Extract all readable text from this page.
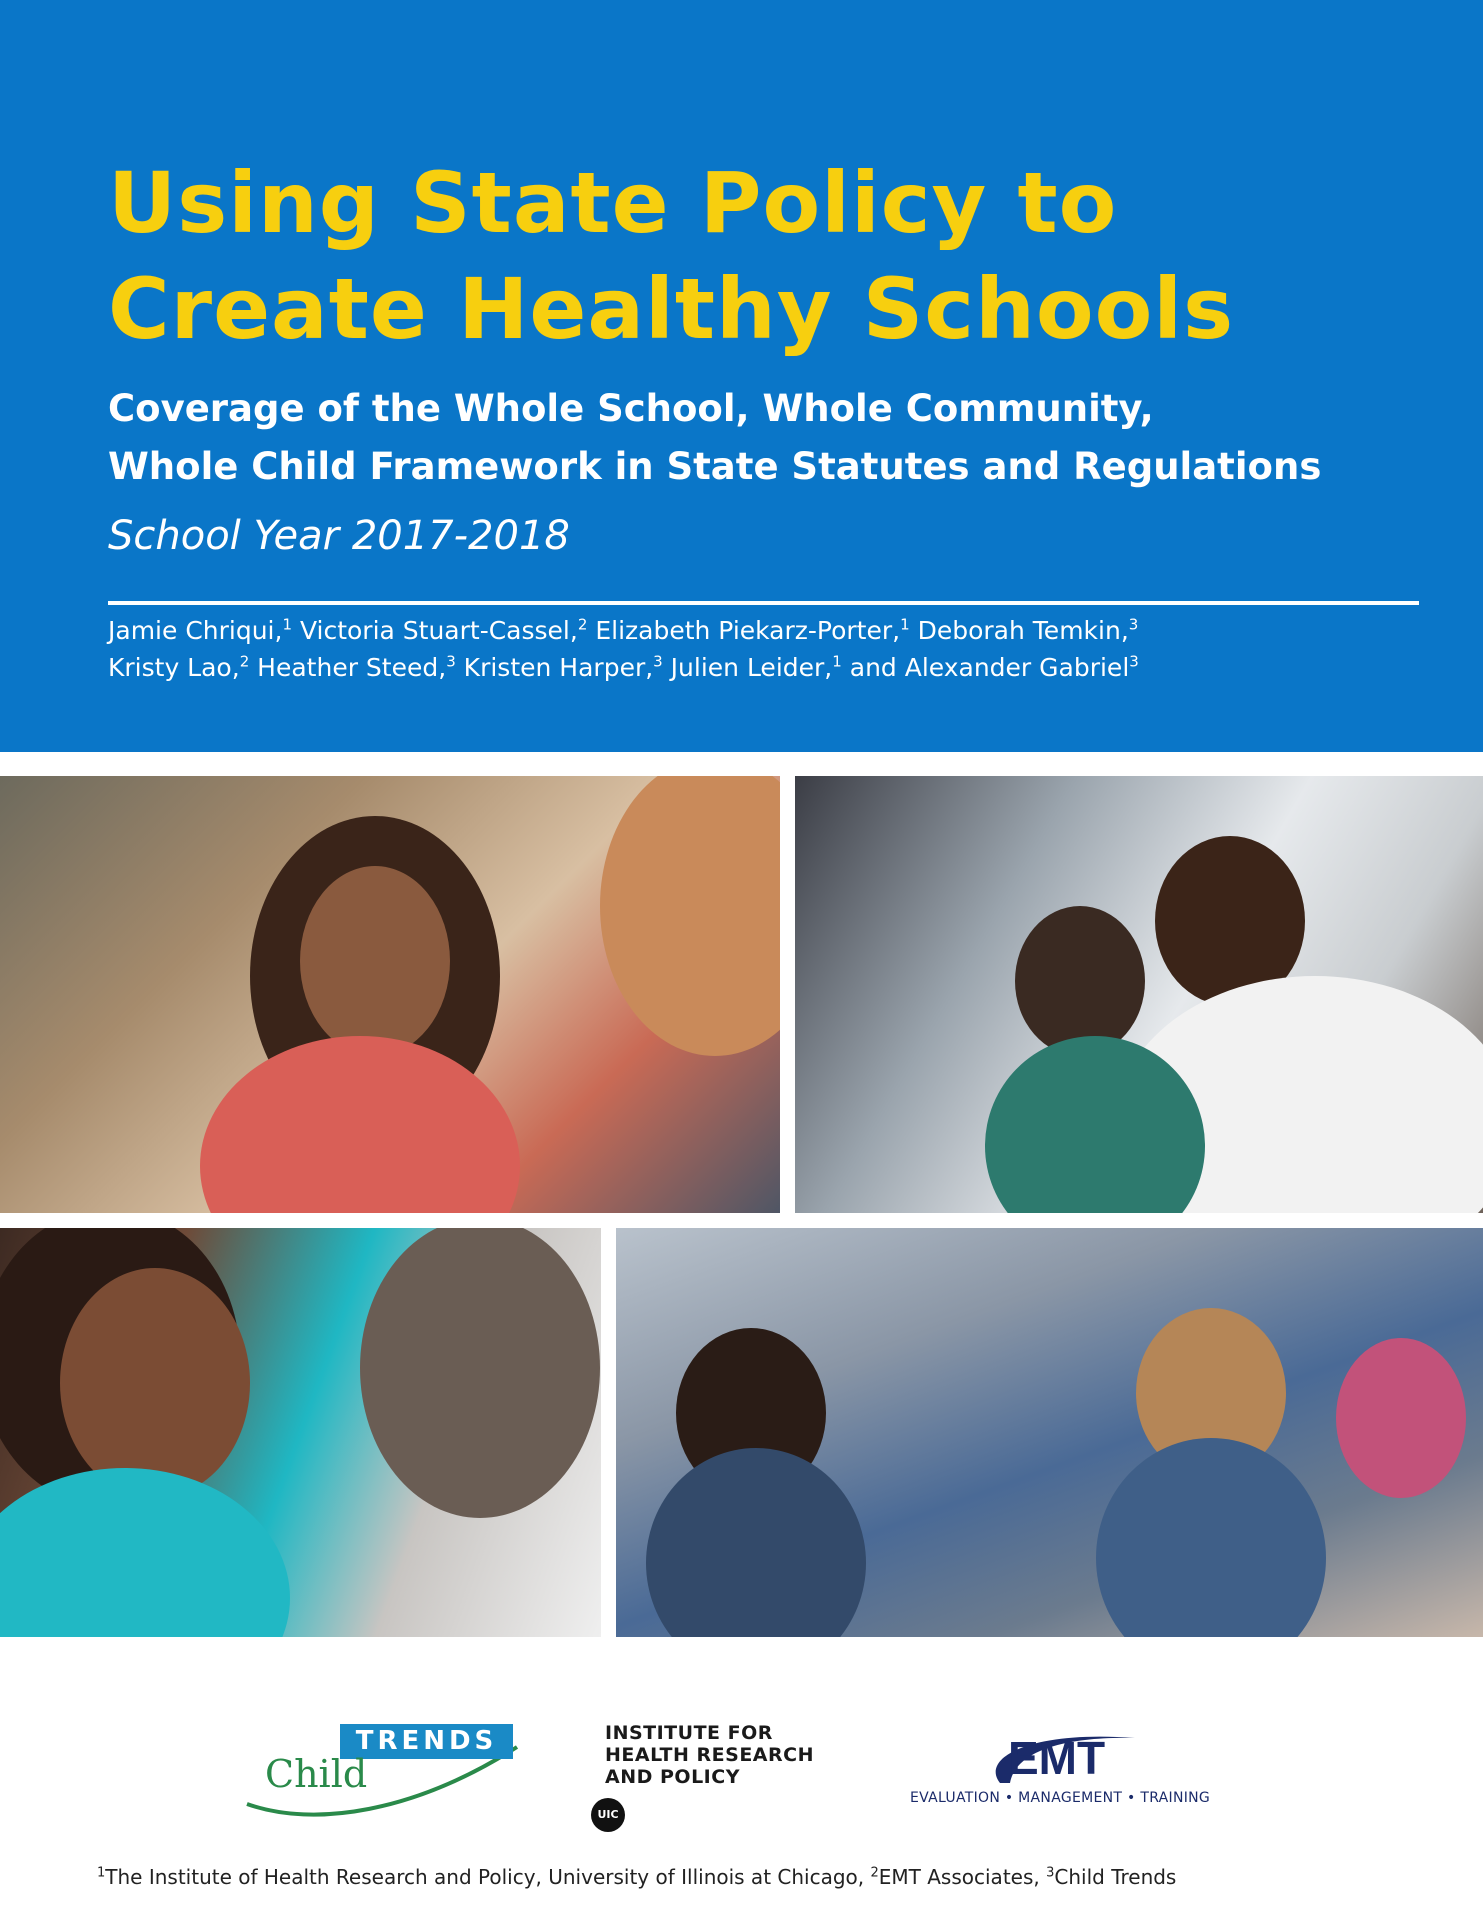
Using State Policy to
Create Healthy Schools
Coverage of the Whole School, Whole Community,
Whole Child Framework in State Statutes and Regulations
School Year 2017-2018
Jamie Chriqui,$^1$ Victoria Stuart-Cassel,$^2$ Elizabeth Piekarz-Porter,$^1$ Deborah Temkin,$^3$
Kristy Lao,$^2$ Heather Steed,$^3$ Kristen Harper,$^3$ Julien Leider,$^1$ and Alexander Gabriel$^3$
TRENDS
Child
INSTITUTE FOR
HEALTH RESEARCH
AND POLICY
UIC
EMT
EVALUATION • MANAGEMENT • TRAINING
$^1$The Institute of Health Research and Policy, University of Illinois at Chicago, $^2$EMT Associates, $^3$Child Trends
